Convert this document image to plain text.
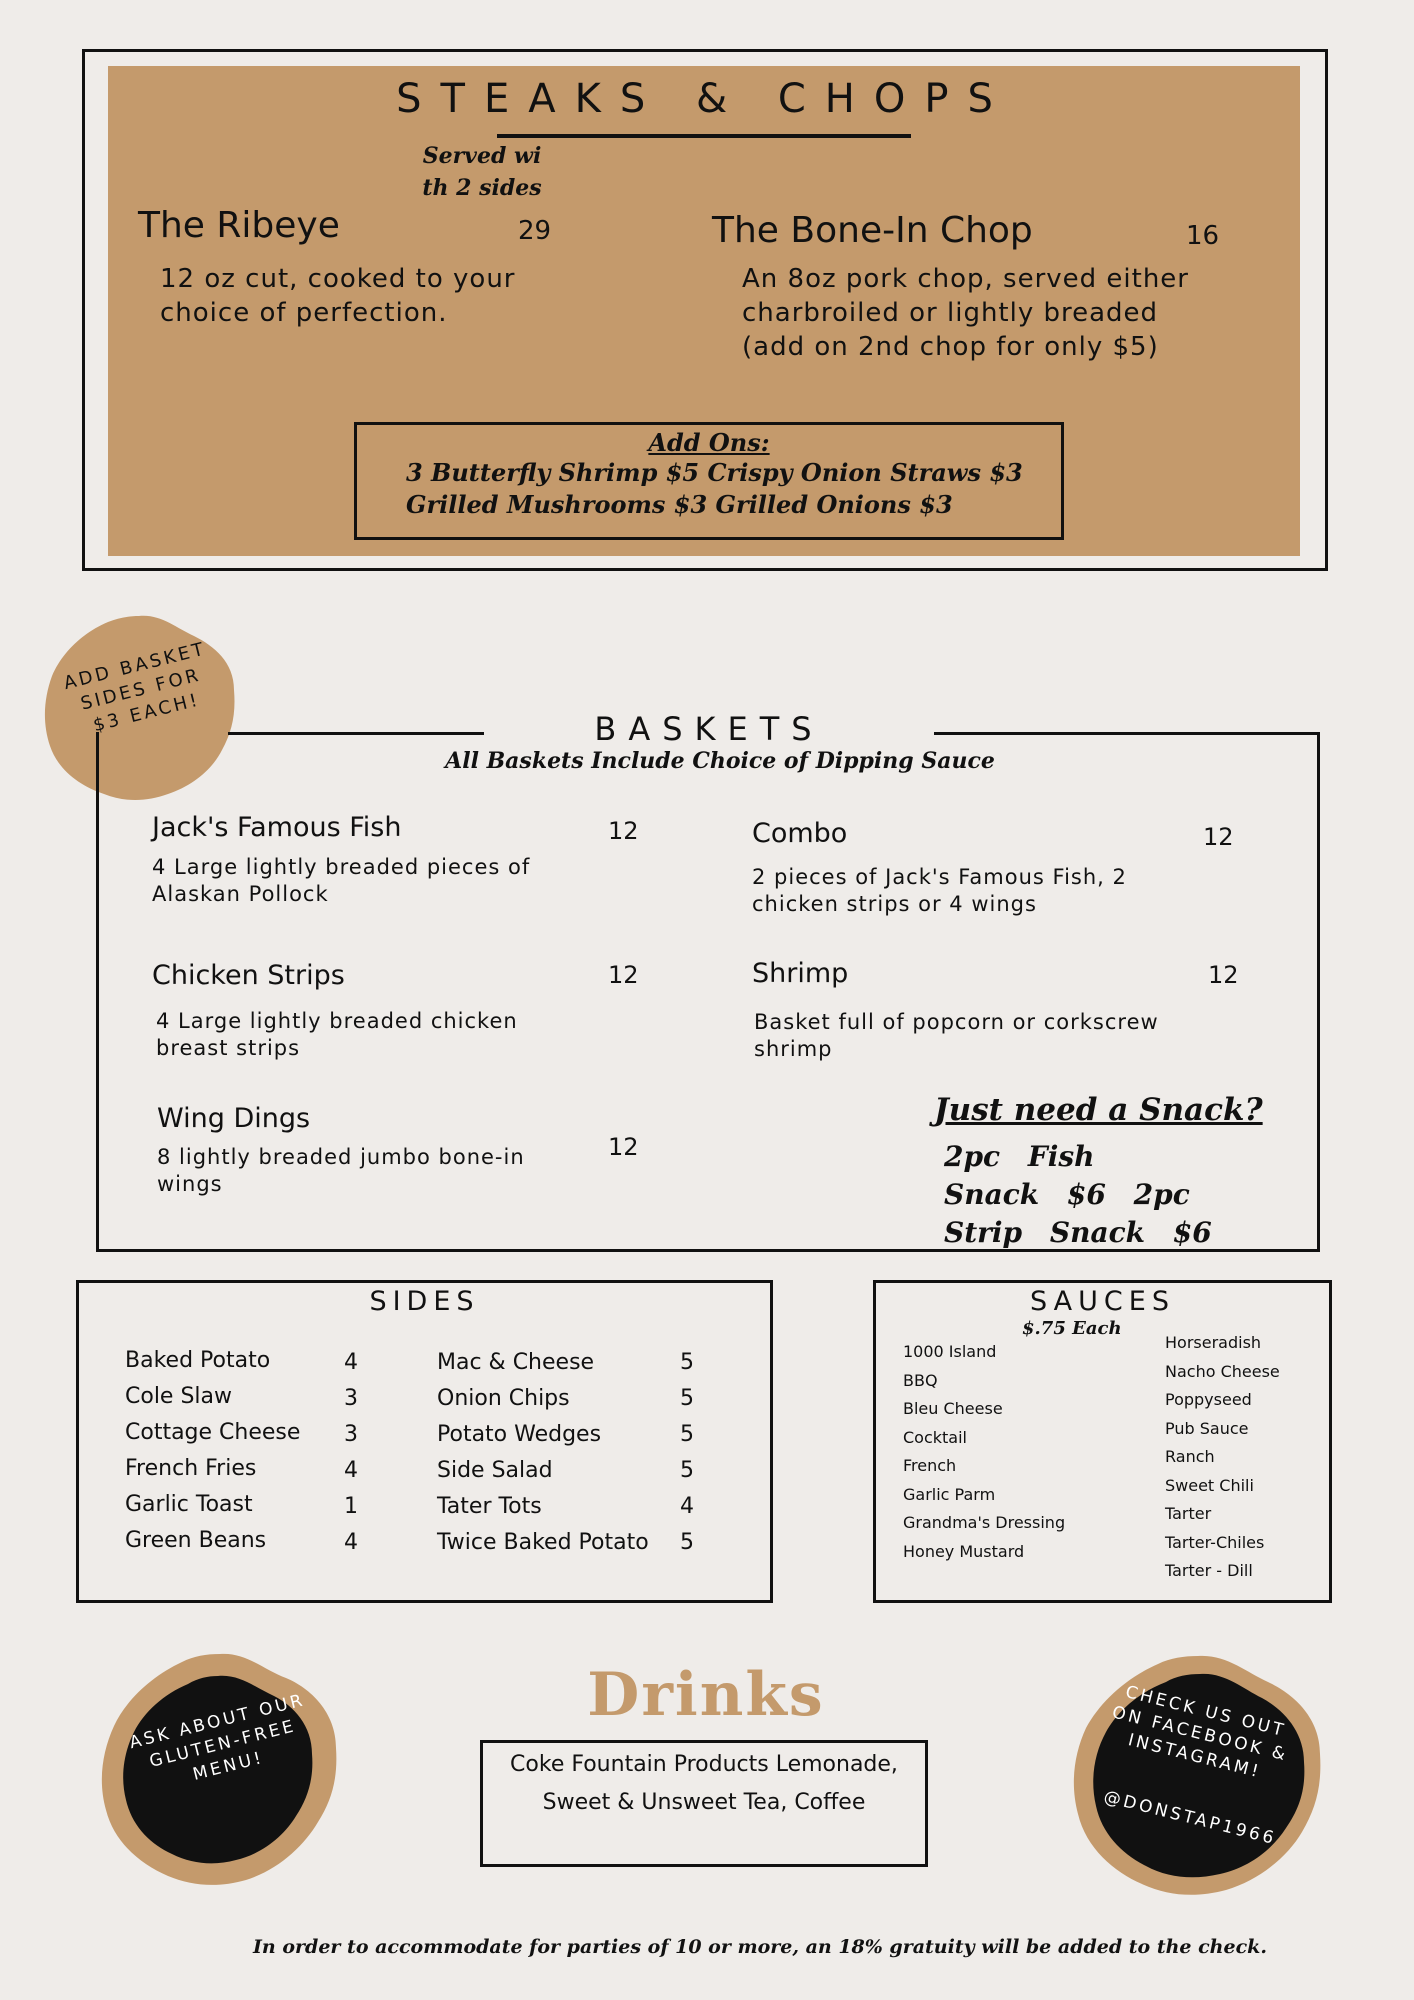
STEAKS & CHOPS
Served wi
th 2 sides
The Ribeye	29
12 oz cut, cooked to your choice of perfection.
The Bone-In Chop	16
An 8oz pork chop, served either charbroiled or lightly breaded (add on 2nd chop for only $5)
Add Ons:
3 Butterfly Shrimp $5 Crispy Onion Straws $3
Grilled Mushrooms $3 Grilled Onions $3
ADD BASKET SIDES FOR $3 EACH!	BASKETS
All Baskets Include Choice of Dipping Sauce
Jack's Famous Fish	12
4 Large lightly breaded pieces of Alaskan Pollock
Combo	12
2 pieces of Jack's Famous Fish, 2 chicken strips or 4 wings
Chicken Strips	12
4 Large lightly breaded chicken breast strips
Shrimp	12
Basket full of popcorn or corkscrew shrimp
Wing Dings
12
8 lightly breaded jumbo bone-in wings
Just need a Snack?
2pc Fish Snack $6 2pc Strip Snack $6
SIDES
Baked Potato	4
Cole Slaw	3
Cottage Cheese 3
French Fries	4
Garlic Toast	1
Green Beans	4
Mac & Cheese	5
Onion Chips	5
Potato Wedges	5
Side Salad	5
Tater Tots	4
Twice Baked Potato 5
SAUCES
$.75 Each
1000 Island
BBQ
Bleu Cheese
Cocktail
French
Garlic Parm
Grandma's Dressing
Honey Mustard
Horseradish
Nacho Cheese
Poppyseed
Pub Sauce
Ranch
Sweet Chili
Tarter
Tarter-Chiles
Tarter - Dill
Drinks
Coke Fountain Products Lemonade, Sweet & Unsweet Tea, Coffee
ASK ABOUT OUR GLUTEN-FREE MENU!
CHECK US OUT ON FACEBOOK & INSTAGRAM!
@DONSTAP1966
In order to accommodate for parties of 10 or more, an 18% gratuity will be added to the check.
